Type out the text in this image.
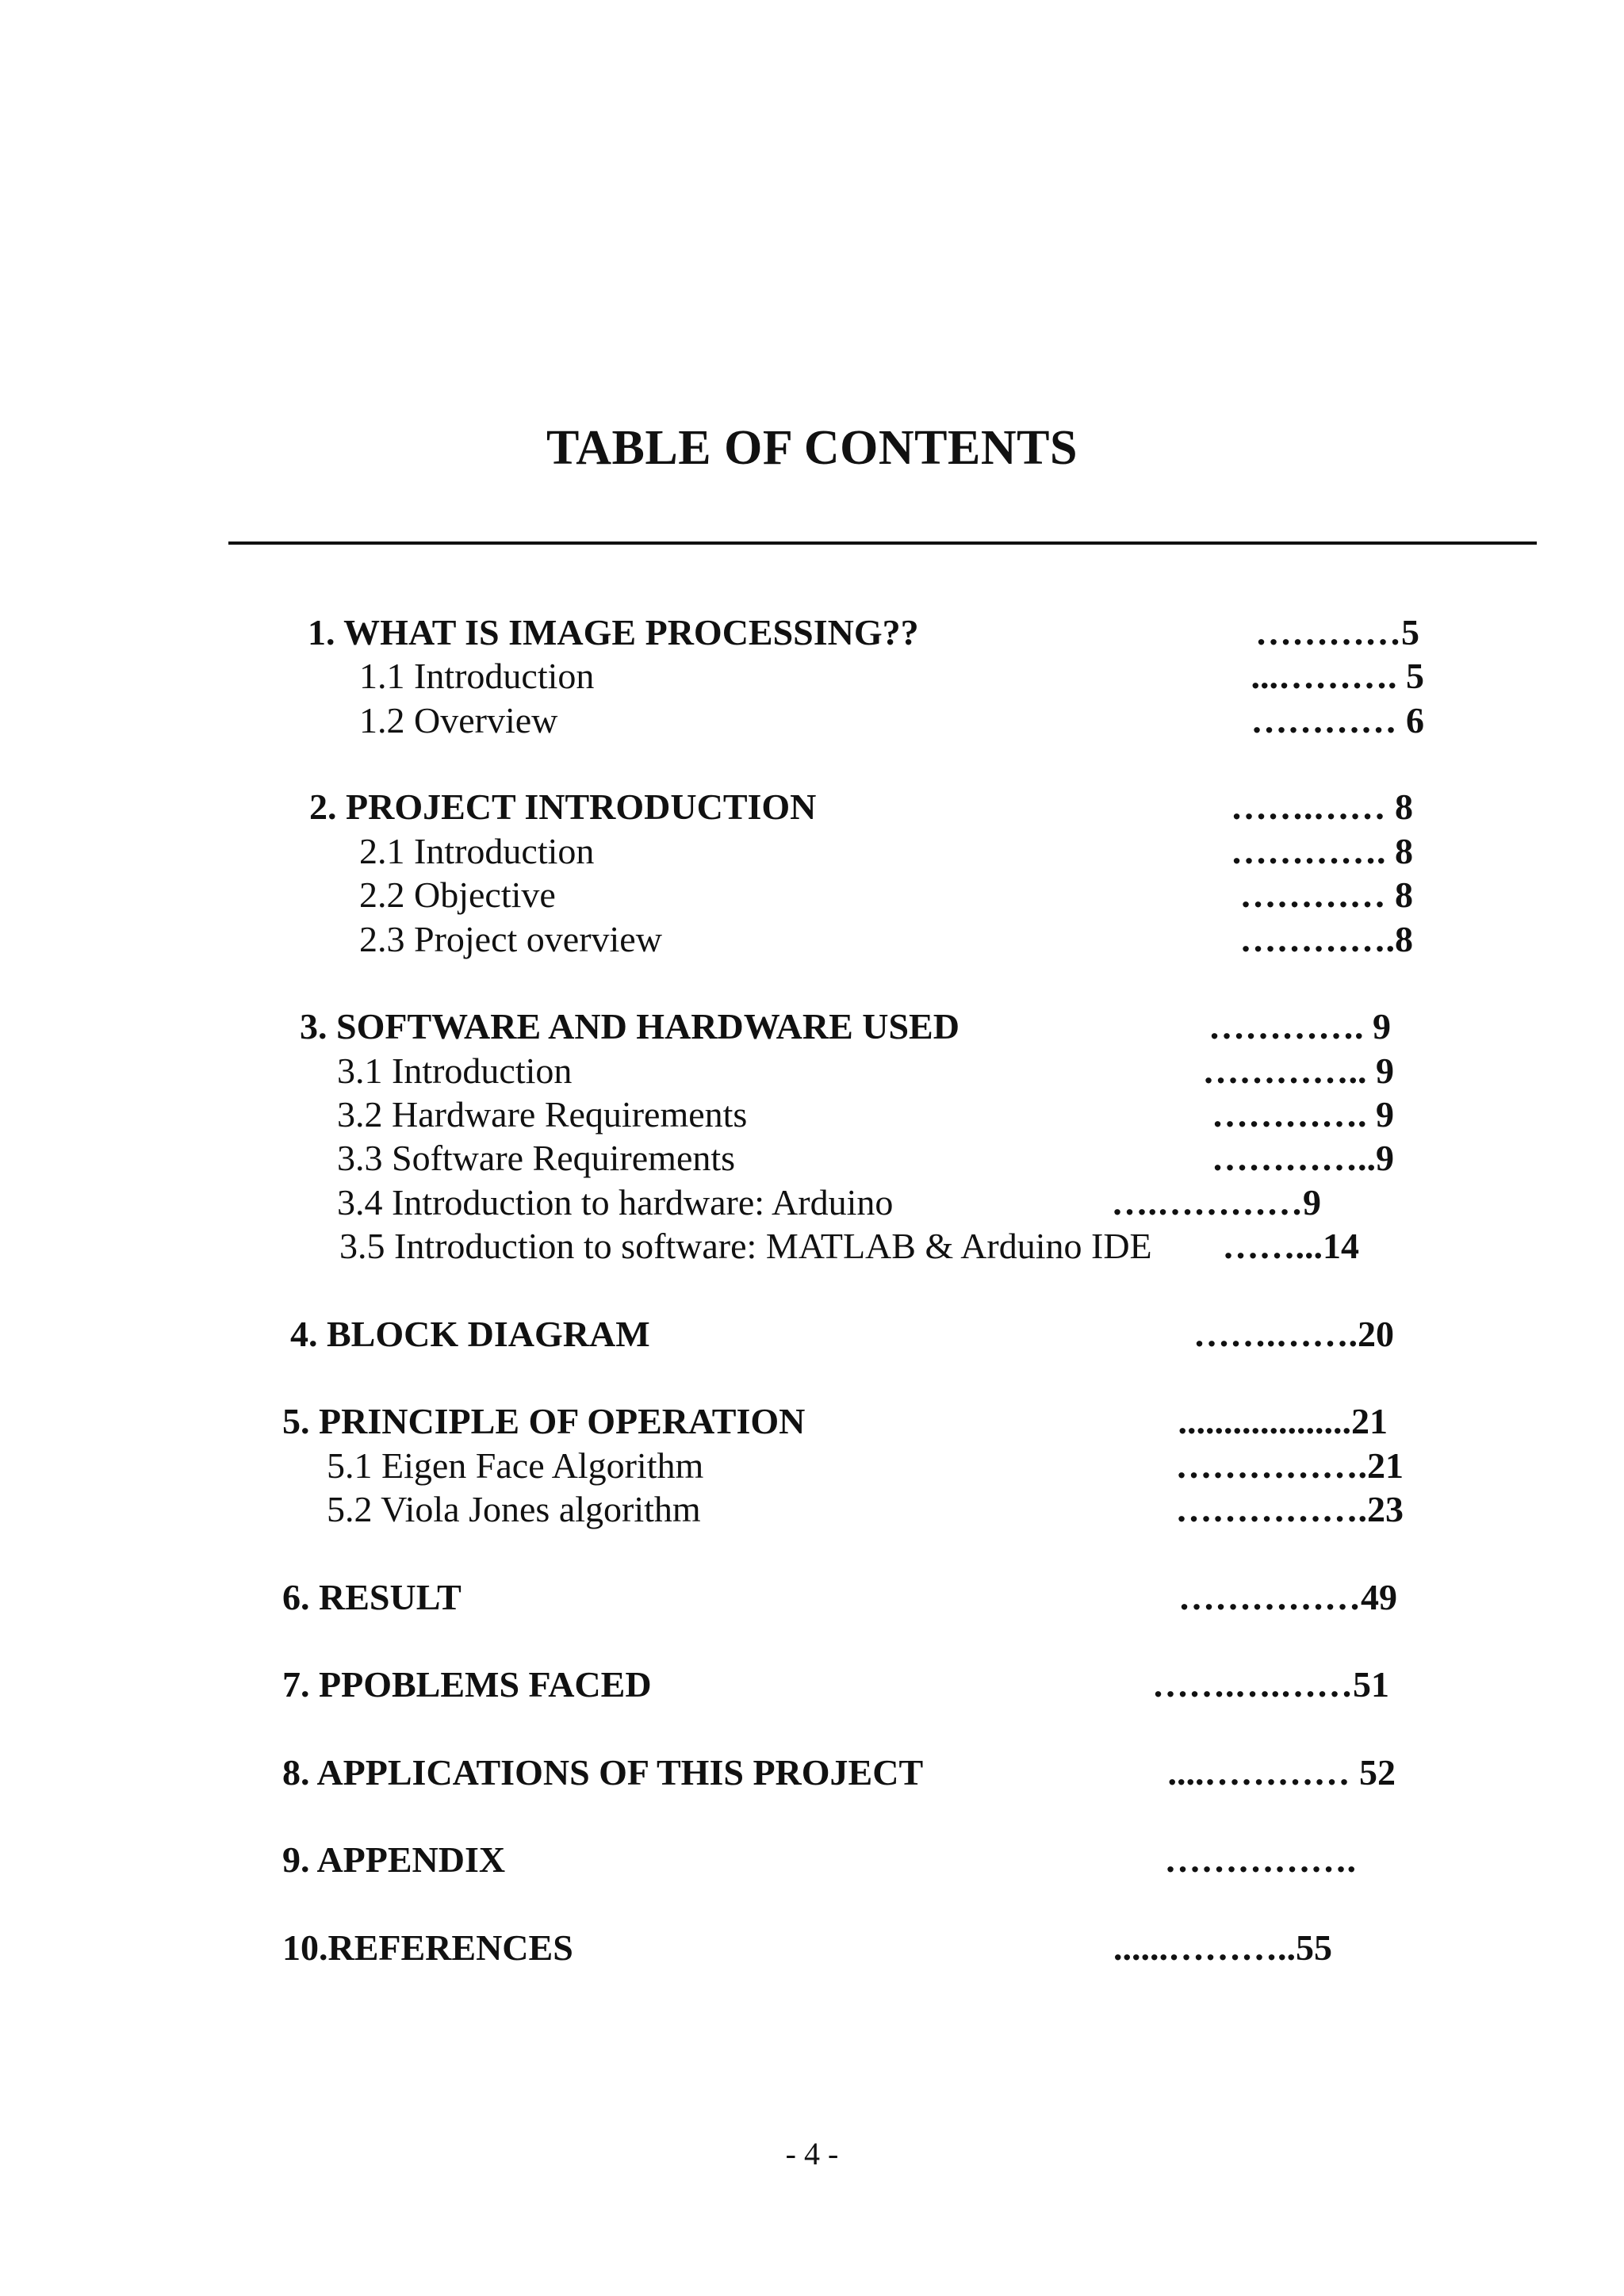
TABLE OF CONTENTS
1. WHAT IS IMAGE PROCESSING??	…………5
1.1 Introduction	...………. 5
1.2 Overview	………… 6
2. PROJECT INTRODUCTION	…….…… 8
2.1 Introduction	…………. 8
2.2 Objective	………… 8
2.3 Project overview	………….8
3. SOFTWARE AND HARDWARE USED	…………. 9
3.1 Introduction	………….. 9
3.2 Hardware Requirements	…………. 9
3.3 Software Requirements	…………..9
3.4 Introduction to hardware: Arduino	….…………9
3.5 Introduction to software: MATLAB & Arduino IDE	……...14
4. BLOCK DIAGRAM	…….…….20
5. PRINCIPLE OF OPERATION	...................21
5.1 Eigen Face Algorithm	…………….21
5.2 Viola Jones algorithm	…………….23
6. RESULT	……………49
7. PPOBLEMS FACED	…….….……51
8. APPLICATIONS OF THIS PROJECT	....………… 52
9. APPENDIX	…………….
10.REFERENCES	......………..55
- 4 -
